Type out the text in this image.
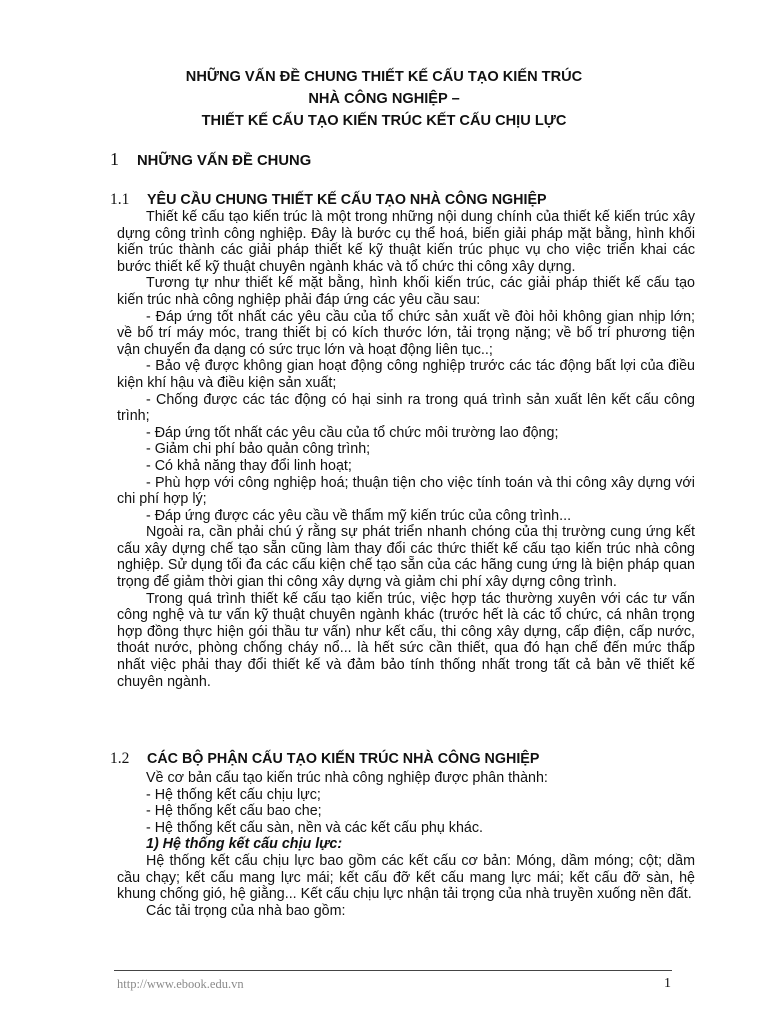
NHỮNG VẤN ĐỀ CHUNG THIẾT KẾ CẤU TẠO KIẾN TRÚC
NHÀ CÔNG NGHIỆP –
THIẾT KẾ CẤU TẠO KIẾN TRÚC KẾT CẤU CHỊU LỰC
1 NHỮNG VẤN ĐỀ CHUNG
1.1 YÊU CẦU CHUNG THIẾT KẾ CẤU TẠO NHÀ CÔNG NGHIỆP

Thiết kế cấu tạo kiến trúc là một trong những nội dung chính của thiết kế kiến trúc xây dựng công trình công nghiệp. Đây là bước cụ thể hoá, biến giải pháp mặt bằng, hình khối kiến trúc thành các giải pháp thiết kế kỹ thuật kiến trúc phục vụ cho việc triển khai các bước thiết kế kỹ thuật chuyên ngành khác và tổ chức thi công xây dựng.

Tương tự như thiết kế mặt bằng, hình khối kiến trúc, các giải pháp thiết kế cấu tạo kiến trúc nhà công nghiệp phải đáp ứng các yêu cầu sau:

- Đáp ứng tốt nhất các yêu cầu của tổ chức sản xuất về đòi hỏi không gian nhịp lớn; về bố trí máy móc, trang thiết bị có kích thước lớn, tải trọng nặng; về bố trí phương tiện vận chuyển đa dạng có sức trục lớn và hoạt động liên tục..;

- Bảo vệ được không gian hoạt động công nghiệp trước các tác động bất lợi của điều kiện khí hậu và điều kiện sản xuất;

- Chống được các tác động có hại sinh ra trong quá trình sản xuất lên kết cấu công trình;

- Đáp ứng tốt nhất các yêu cầu của tổ chức môi trường lao động;

- Giảm chi phí bảo quản công trình;

- Có khả năng thay đổi linh hoạt;

- Phù hợp với công nghiệp hoá; thuận tiện cho việc tính toán và thi công xây dựng với chi phí hợp lý;

- Đáp ứng được các yêu cầu về thẩm mỹ kiến trúc của công trình...

Ngoài ra, cần phải chú ý rằng sự phát triển nhanh chóng của thị trường cung ứng kết cấu xây dựng chế tạo sẵn cũng làm thay đổi các thức thiết kế cấu tạo kiến trúc nhà công nghiệp. Sử dụng tối đa các cấu kiện chế tạo sẵn của các hãng cung ứng là biện pháp quan trọng để giảm thời gian thi công xây dựng và giảm chi phí xây dựng công trình.

Trong quá trình thiết kế cấu tạo kiến trúc, việc hợp tác thường xuyên với các tư vấn công nghệ và tư vấn kỹ thuật chuyên ngành khác (trước hết là các tổ chức, cá nhân trọng hợp đồng thực hiện gói thầu tư vấn) như kết cấu, thi công xây dựng, cấp điện, cấp nước, thoát nước, phòng chống cháy nổ... là hết sức cần thiết, qua đó hạn chế đến mức thấp nhất việc phải thay đổi thiết kế và đảm bảo tính thống nhất trong tất cả bản vẽ thiết kế chuyên ngành.

1.2 CÁC BỘ PHẬN CẤU TẠO KIẾN TRÚC NHÀ CÔNG NGHIỆP

Về cơ bản cấu tạo kiến trúc nhà công nghiệp được phân thành:

- Hệ thống kết cấu chịu lực;

- Hệ thống kết cấu bao che;

- Hệ thống kết cấu sàn, nền và các kết cấu phụ khác.

1) Hệ thống kết cấu chịu lực:

Hệ thống kết cấu chịu lực bao gồm các kết cấu cơ bản: Móng, dầm móng; cột; dầm cầu chạy; kết cấu mang lực mái; kết cấu đỡ kết cấu mang lực mái; kết cấu đỡ sàn, hệ khung chống gió, hệ giằng... Kết cấu chịu lực nhận tải trọng của nhà truyền xuống nền đất.

Các tải trọng của nhà bao gồm:

http://www.ebook.edu.vn	1
